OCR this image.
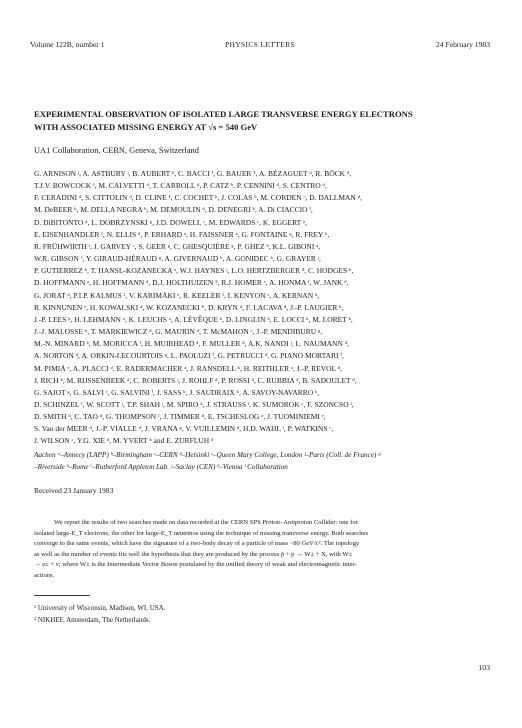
Volume 122B, number 1	PHYSICS LETTERS	24 February 1983
EXPERIMENTAL OBSERVATION OF ISOLATED LARGE TRANSVERSE ENERGY ELECTRONS
WITH ASSOCIATED MISSING ENERGY AT √s = 540 GeV
UA1 Collaboration, CERN, Geneva, Switzerland
G. ARNISON ʲ, A. ASTBURY ʲ, B. AUBERT ᵇ, C. BACCI ⁱ, G. BAUER ¹, A. BÉZAGUET ᵈ, R. BÖCK ᵈ,
T.J.V. BOWCOCK ᶠ, M. CALVETTI ᵈ, T. CARROLL ᵈ, P. CATZ ᵇ, P. CENNINI ᵈ, S. CENTRO ᵈ,
F. CERADINI ᵈ, S. CITTOLIN ᵈ, D. CLINE ¹, C. COCHET ᵏ, J. COLAS ᵇ, M. CORDEN ᶜ, D. DALLMAN ᵈ,
M. DeBEER ᵏ, M. DELLA NEGRA ᵇ, M. DEMOULIN ᵈ, D. DENEGRI ᵏ, A. Di CIACCIO ⁱ,
D. DiBITONTO ᵈ, L. DOBRZYNSKI ᵍ, J.D. DOWELL ᶜ, M. EDWARDS ᶜ, K. EGGERT ᵃ,
E. EISENHANDLER ᶠ, N. ELLIS ᵈ, P. ERHARD ᵃ, H. FAISSNER ᵃ, G. FONTAINE ᵍ, R. FREY ʰ,
R. FRÜHWIRTH ˡ, J. GARVEY ᶜ, S. GEER ᵍ, C. GHESQUIÈRE ᵍ, P. GHEZ ᵇ, K.L. GIBONI ᵃ,
W.R. GIBSON ᶠ, Y. GIRAUD-HÉRAUD ᵍ, A. GIVERNAUD ᵏ, A. GONIDEC ᵇ, G. GRAYER ʲ,
P. GUTIERREZ ʰ, T. HANSL-KOZANECKA ᵃ, W.J. HAYNES ʲ, L.O. HERTZBERGER ², C. HODGES ʰ,
D. HOFFMANN ᵃ, H. HOFFMANN ᵈ, D.J. HOLTHUIZEN ², R.J. HOMER ᶜ, A. HONMA ᶠ, W. JANK ᵈ,
G. JORAT ᵈ, P.I.P. KALMUS ᶠ, V. KARIMÄKI ᵉ, R. KEELER ᶠ, I. KENYON ᶜ, A. KERNAN ʰ,
R. KINNUNEN ᵉ, H. KOWALSKI ᵈ, W. KOZANECKI ʰ, D. KRYN ᵈ, F. LACAVA ᵈ, J.-P. LAUGIER ᵏ,
J.-P. LEES ᵇ, H. LEHMANN ᵃ, K. LEUCHS ᵃ, A. LÉVÊQUE ᵏ, D. LINGLIN ᵇ, E. LOCCI ᵏ, M. LORET ᵏ,
J.-J. MALOSSE ᵏ, T. MARKIEWICZ ᵈ, G. MAURIN ᵈ, T. McMAHON ᶜ, J.-P. MENDIBURU ᵍ,
M.-N. MINARD ᵇ, M. MORICCA ⁱ, H. MUIRHEAD ᵈ, F. MULLER ᵈ, A.K. NANDI ʲ, L. NAUMANN ᵈ,
A. NORTON ᵈ, A. ORKIN-LECOURTOIS ᵍ, L. PAOLUZI ⁱ, G. PETRUCCI ᵈ, G. PIANO MORTARI ⁱ,
M. PIMIÄ ᵉ, A. PLACCI ᵈ, E. RADERMACHER ᵃ, J. RANSDELL ʰ, H. REITHLER ᵃ, J.-P. REVOL ᵈ,
J. RICH ᵏ, M. RIJSSENBEEK ᵈ, C. ROBERTS ʲ, J. ROHLF ᵈ, P. ROSSI ᵈ, C. RUBBIA ᵈ, B. SADOULET ᵈ,
G. SAJOT ᵍ, G. SALVI ᶠ, G. SALVINI ⁱ, J. SASS ᵏ, J. SAUDRAIX ᵏ, A. SAVOY-NAVARRO ᵏ,
D. SCHINZEL ᶠ, W. SCOTT ʲ, T.P. SHAH ʲ, M. SPIRO ᵏ, J. STRAUSS ˡ, K. SUMOROK ᶜ, F. SZONCSO ˡ,
D. SMITH ʰ, C. TAO ᵈ, G. THOMPSON ᶠ, J. TIMMER ᵈ, E. TSCHESLOG ᵃ, J. TUOMINIEMI ᵉ,
S. Van der MEER ᵈ, J.-P. VIALLE ᵈ, J. VRANA ᵍ, V. VUILLEMIN ᵈ, H.D. WAHL ˡ, P. WATKINS ᶜ,
J. WILSON ᶜ, Y.G. XIE ᵈ, M. YVERT ᵇ and E. ZURFLUH ᵈ
Aachen ᵃ–Annecy (LAPP) ᵇ–Birmingham ᶜ–CERN ᵈ–Helsinki ᵉ–Queen Mary College, London ᶠ–Paris (Coll. de France) ᵍ
–Riverside ʰ–Rome ⁱ–Rutherford Appleton Lab. ʲ–Saclay (CEN) ᵏ–Vienna ˡ Collaboration
Received 23 January 1983
We report the results of two searches made on data recorded at the CERN SPS Proton–Antiproton Collider: one for
isolated large-E_T electrons, the other for large-E_T neutrinos using the technique of missing transverse energy. Both searches
converge to the same events, which have the signature of a two-body decay of a particle of mass ~80 GeV/c². The topology
as well as the number of events fits well the hypothesis that they are produced by the process p̄ + p → W± + X, with W±
→ e± + ν; where W± is the Intermediate Vector Boson postulated by the unified theory of weak and electromagnetic inter-
actions.
¹ University of Wisconsin, Madison, WI, USA.
² NIKHEF, Amsterdam, The Netherlands.
103
